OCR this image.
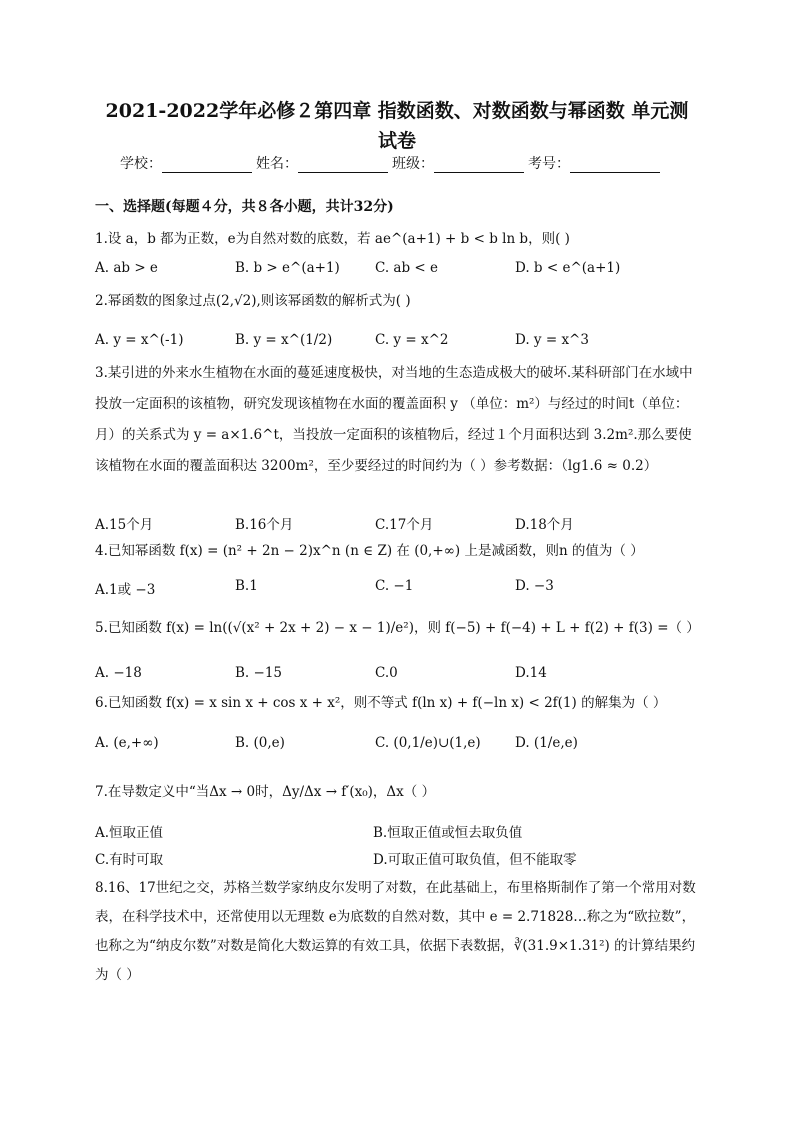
2021-2022学年必修２第四章 指数函数、对数函数与幂函数 单元测
试卷
学校：	姓名：	班级：	考号：
一、选择题(每题４分，共８各小题，共计32分)
1.设 a，b 都为正数，e为自然对数的底数，若 ae^(a+1) + b < b ln b，则( )
A. ab > e	B. b > e^(a+1)	C. ab < e	D. b < e^(a+1)
2.幂函数的图象过点(2,√2),则该幂函数的解析式为( )
A. y = x^(-1)	B. y = x^(1/2)	C. y = x^2	D. y = x^3
3.某引进的外来水生植物在水面的蔓延速度极快，对当地的生态造成极大的破坏.某科研部门在水域中投放一定面积的该植物，研究发现该植物在水面的覆盖面积 y （单位：m²）与经过的时间t（单位：月）的关系式为 y = a×1.6^t，当投放一定面积的该植物后，经过１个月面积达到 3.2m².那么要使该植物在水面的覆盖面积达 3200m²，至少要经过的时间约为（ ）参考数据：（lg1.6 ≈ 0.2）
A.15个月	B.16个月	C.17个月	D.18个月
4.已知幂函数 f(x) = (n² + 2n − 2)x^n (n ∈ Z) 在 (0,+∞) 上是减函数，则n 的值为（ ）
A.1或 −3	B.1	C. −1	D. −3
5.已知函数 f(x) = ln((√(x² + 2x + 2) − x − 1)/e²)，则 f(−5) + f(−4) + L + f(2) + f(3) =（ ）
A. −18	B. −15	C.0	D.14
6.已知函数 f(x) = x sin x + cos x + x²，则不等式 f(ln x) + f(−ln x) < 2f(1) 的解集为（ ）
A. (e,+∞)	B. (0,e)	C. (0,1/e)∪(1,e)	D. (1/e,e)
7.在导数定义中“当Δx → 0时，Δy/Δx → f′(x₀)，Δx（ ）
A.恒取正值	B.恒取正值或恒去取负值
C.有时可取	D.可取正值可取负值，但不能取零
8.16、17世纪之交，苏格兰数学家纳皮尔发明了对数，在此基础上，布里格斯制作了第一个常用对数表，在科学技术中，还常使用以无理数 e为底数的自然对数，其中 e = 2.71828…称之为“欧拉数”，也称之为“纳皮尔数”对数是简化大数运算的有效工具，依据下表数据，∛(31.9×1.31²) 的计算结果约为（ ）
